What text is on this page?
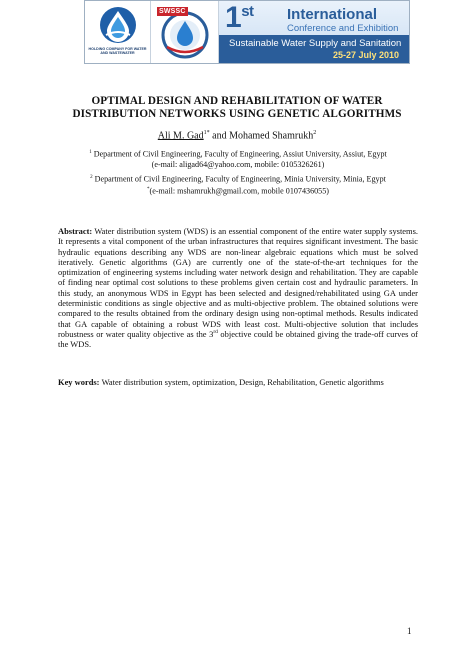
HOLDING COMPANY FOR WATER AND WASTEWATER
SWSSC 1st International
Conference and Exhibition
Sustainable Water Supply and Sanitation
25-27 July 2010
OPTIMAL DESIGN AND REHABILITATION OF WATER
DISTRIBUTION NETWORKS USING GENETIC ALGORITHMS
Ali M. Gad$^{1*}$ and Mohamed Shamrukh$^2$
$^1$ Department of Civil Engineering, Faculty of Engineering, Assiut University, Assiut, Egypt
(e-mail: aligad64@yahoo.com, mobile: 0105326261)
$^2$ Department of Civil Engineering, Faculty of Engineering, Minia University, Minia, Egypt
*(e-mail: mshamrukh@gmail.com, mobile 0107436055)
Abstract: Water distribution system (WDS) is an essential component of the entire water supply systems. It represents a vital component of the urban infrastructures that requires significant investment. The basic hydraulic equations describing any WDS are non-linear algebraic equations which must be solved iteratively. Genetic algorithms (GA) are currently one of the state-of-the-art techniques for the optimization of engineering systems including water network design and rehabilitation. They are capable of finding near optimal cost solutions to these problems given certain cost and hydraulic parameters. In this study, an anonymous WDS in Egypt has been selected and designed/rehabilitated using GA under deterministic conditions as single objective and as multi-objective problem. The obtained solutions were compared to the results obtained from the ordinary design using non-optimal methods. Results indicated that GA capable of obtaining a robust WDS with least cost. Multi-objective solution that includes robustness or water quality objective as the 3rd objective could be obtained giving the trade-off curves of the WDS.
Key words: Water distribution system, optimization, Design, Rehabilitation, Genetic algorithms
1
